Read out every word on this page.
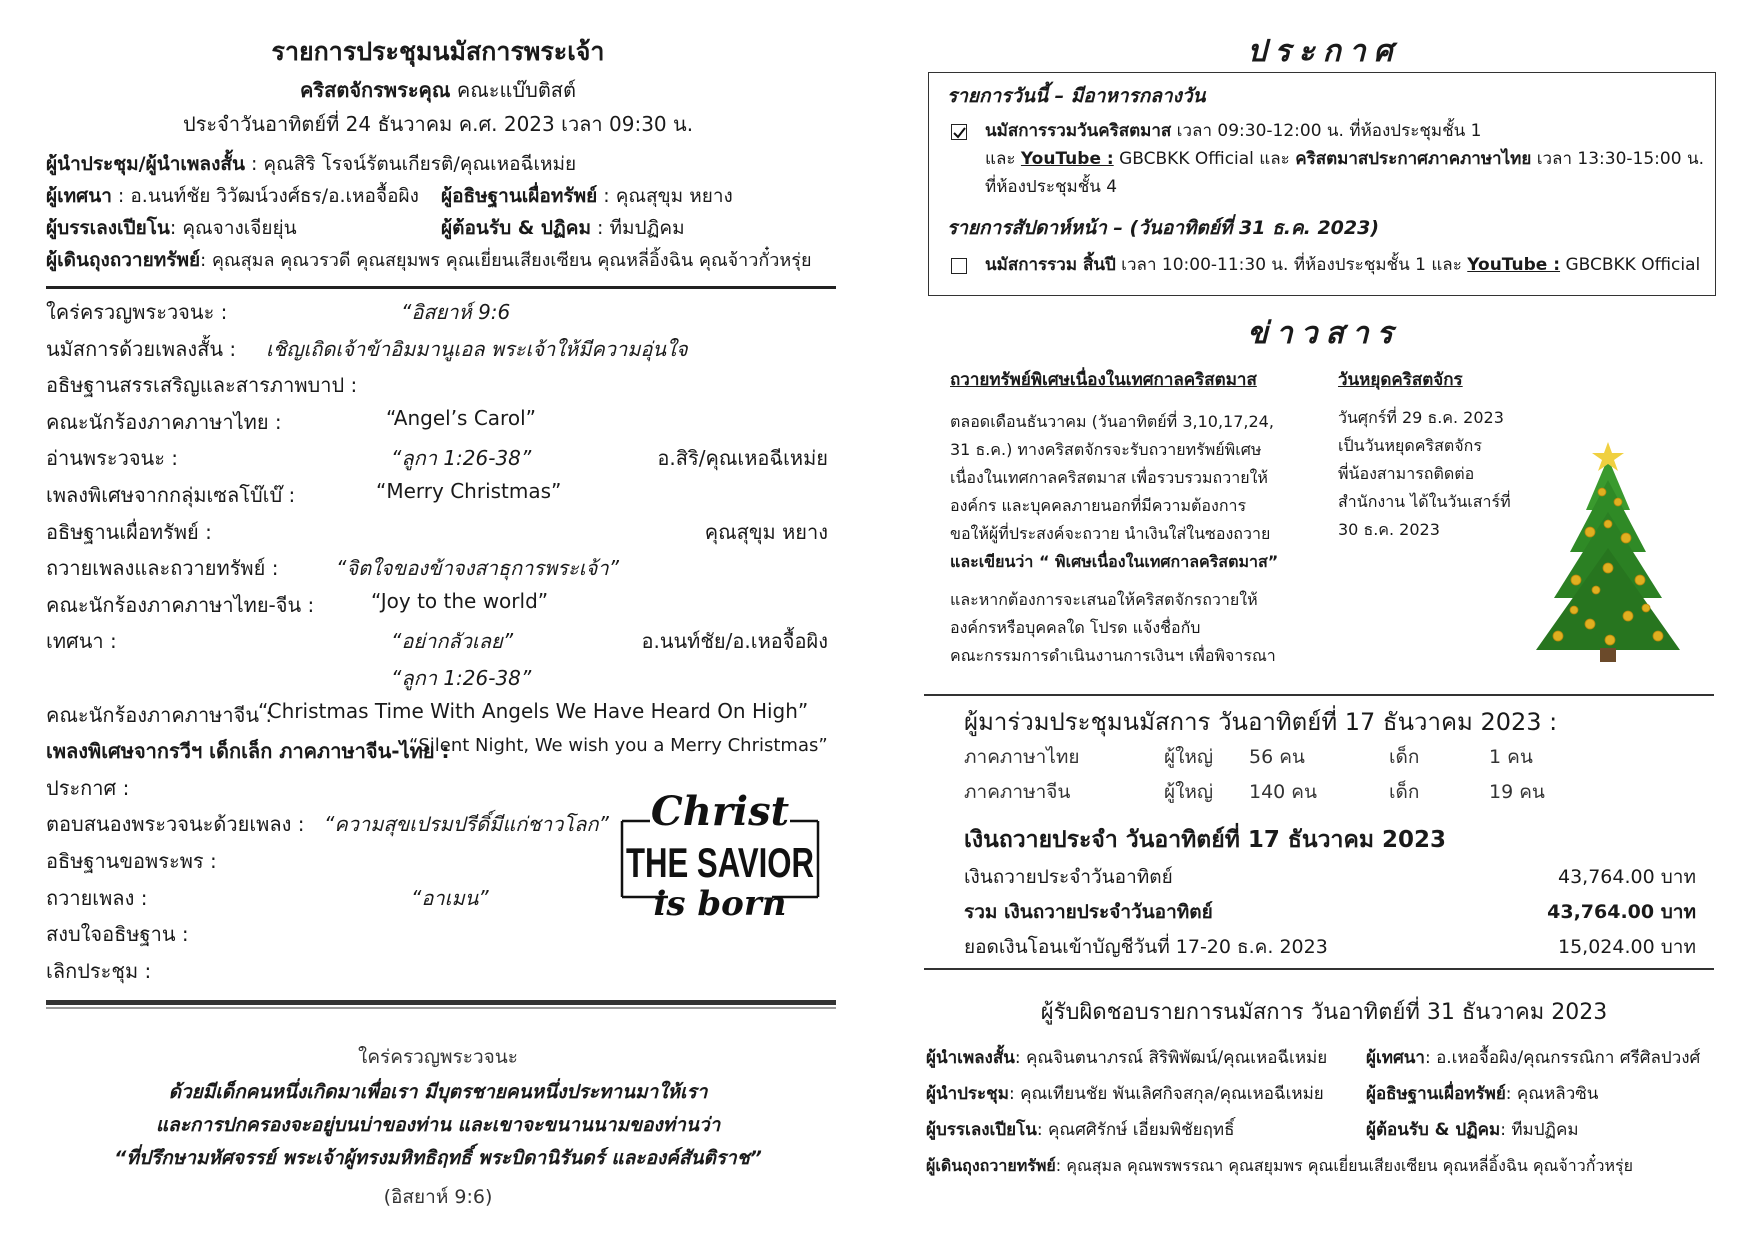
รายการประชุมนมัสการพระเจ้า
คริสตจักรพระคุณ คณะแบ๊บติสต์
ประจำวันอาทิตย์ที่ 24 ธันวาคม ค.ศ. 2023 เวลา 09:30 น.
ผู้นำประชุม/ผู้นำเพลงสั้น : คุณสิริ โรจน์รัตนเกียรติ/คุณเหอฉีเหม่ย
ผู้เทศนา : อ.นนท์ชัย วิวัฒน์วงศ์ธร/อ.เหอจื้อผิง ผู้อธิษฐานเผื่อทรัพย์ : คุณสุขุม หยาง
ผู้บรรเลงเปียโน: คุณจางเจียยุ่น	ผู้ต้อนรับ & ปฏิคม : ทีมปฏิคม
ผู้เดินถุงถวายทรัพย์: คุณสุมล คุณวรวดี คุณสยุมพร คุณเยี่ยนเสียงเซียน คุณหลี่อิ้งฉิน คุณจ้าวกั๋วหรุ่ย
ใคร่ครวญพระวจนะ :	“อิสยาห์ 9:6
นมัสการด้วยเพลงสั้น : เชิญเถิดเจ้าข้าอิมมานูเอล พระเจ้าให้มีความอุ่นใจ
อธิษฐานสรรเสริญและสารภาพบาป :
คณะนักร้องภาคภาษาไทย :	“Angel’s Carol”
อ่านพระวจนะ :	“ลูกา 1:26-38”	อ.สิริ/คุณเหอฉีเหม่ย
เพลงพิเศษจากกลุ่มเซลโบ๊เบ๊ :	“Merry Christmas”
อธิษฐานเผื่อทรัพย์ :	คุณสุขุม หยาง
ถวายเพลงและถวายทรัพย์ :	“จิตใจของข้าจงสาธุการพระเจ้า”
คณะนักร้องภาคภาษาไทย-จีน :	“Joy to the world”
เทศนา :	“อย่ากลัวเลย”	อ.นนท์ชัย/อ.เหอจื้อผิง
“ลูกา 1:26-38”
คณะนักร้องภาคภาษาจีน :
“Christmas Time With Angels We Have Heard On High”
เพลงพิเศษจากรวีฯ เด็กเล็ก ภาคภาษาจีน-ไทย :
“Silent Night, We wish you a Merry Christmas”
ประกาศ :
ตอบสนองพระวจนะด้วยเพลง : “ความสุขเปรมปรีดิ์มีแก่ชาวโลก”
อธิษฐานขอพระพร :
ถวายเพลง :	“อาเมน”
สงบใจอธิษฐาน :
เลิกประชุม :
Christ
THE SAVIOR
is born
ใคร่ครวญพระวจนะ
ด้วยมีเด็กคนหนึ่งเกิดมาเพื่อเรา มีบุตรชายคนหนึ่งประทานมาให้เรา
และการปกครองจะอยู่บนบ่าของท่าน และเขาจะขนานนามของท่านว่า
“ที่ปรึกษามหัศจรรย์ พระเจ้าผู้ทรงมหิทธิฤทธิ์ พระบิดานิรันดร์ และองค์สันติราช”
(อิสยาห์ 9:6)
ประกาศ
รายการวันนี้ – มีอาหารกลางวัน
นมัสการรวมวันคริสตมาส เวลา 09:30-12:00 น. ที่ห้องประชุมชั้น 1
และ YouTube : GBCBKK Official และ คริสตมาสประกาศภาคภาษาไทย เวลา 13:30-15:00 น.
ที่ห้องประชุมชั้น 4
รายการสัปดาห์หน้า – (วันอาทิตย์ที่ 31 ธ.ค. 2023)
นมัสการรวม สิ้นปี เวลา 10:00-11:30 น. ที่ห้องประชุมชั้น 1 และ YouTube : GBCBKK Official
ข่าวสาร
ถวายทรัพย์พิเศษเนื่องในเทศกาลคริสตมาส
ตลอดเดือนธันวาคม (วันอาทิตย์ที่ 3,10,17,24,
31 ธ.ค.) ทางคริสตจักรจะรับถวายทรัพย์พิเศษ
เนื่องในเทศกาลคริสตมาส เพื่อรวบรวมถวายให้
องค์กร และบุคคลภายนอกที่มีความต้องการ
ขอให้ผู้ที่ประสงค์จะถวาย นำเงินใส่ในซองถวาย
และเขียนว่า “ พิเศษเนื่องในเทศกาลคริสตมาส”
และหากต้องการจะเสนอให้คริสตจักรถวายให้
องค์กรหรือบุคคลใด โปรด แจ้งชื่อกับ
คณะกรรมการดำเนินงานการเงินฯ เพื่อพิจารณา
วันหยุดคริสตจักร
วันศุกร์ที่ 29 ธ.ค. 2023
เป็นวันหยุดคริสตจักร
พี่น้องสามารถติดต่อ
สำนักงาน ได้ในวันเสาร์ที่
30 ธ.ค. 2023
ผู้มาร่วมประชุมนมัสการ วันอาทิตย์ที่ 17 ธันวาคม 2023 :
ภาคภาษาไทย	ผู้ใหญ่ 56 คน	เด็ก	1 คน
ภาคภาษาจีน	ผู้ใหญ่ 140 คน	เด็ก	19 คน
เงินถวายประจำ วันอาทิตย์ที่ 17 ธันวาคม 2023
เงินถวายประจำวันอาทิตย์	43,764.00 บาท
รวม เงินถวายประจำวันอาทิตย์	43,764.00 บาท
ยอดเงินโอนเข้าบัญชีวันที่ 17-20 ธ.ค. 2023	15,024.00 บาท
ผู้รับผิดชอบรายการนมัสการ วันอาทิตย์ที่ 31 ธันวาคม 2023
ผู้นำเพลงสั้น: คุณจินตนาภรณ์ สิริพิพัฒน์/คุณเหอฉีเหม่ย ผู้เทศนา: อ.เหอจื้อผิง/คุณกรรณิกา ศรีศิลปวงศ์
ผู้นำประชุม: คุณเทียนชัย พันเลิศกิจสกุล/คุณเหอฉีเหม่ย ผู้อธิษฐานเผื่อทรัพย์: คุณหลิวซิน
ผู้บรรเลงเปียโน: คุณศศิรักษ์ เอี่ยมพิชัยฤทธิ์	ผู้ต้อนรับ & ปฏิคม: ทีมปฏิคม
ผู้เดินถุงถวายทรัพย์: คุณสุมล คุณพรพรรณา คุณสยุมพร คุณเยี่ยนเสียงเซียน คุณหลี่อิ้งฉิน คุณจ้าวกั๋วหรุ่ย
